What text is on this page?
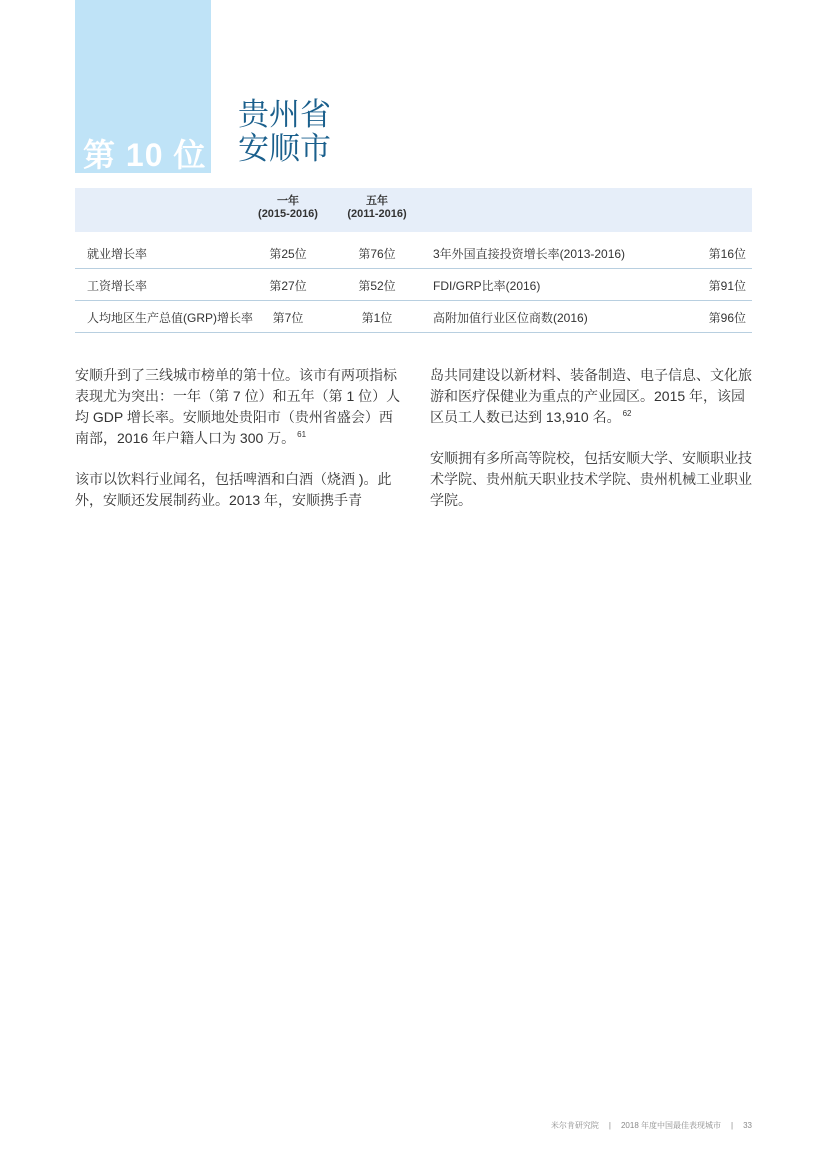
第 10 位
贵州省
安顺市
一年
(2015-2016)
五年
(2011-2016)
就业增长率	第25位	第76位	3年外国直接投资增长率(2013-2016)	第16位
工资增长率	第27位	第52位	FDI/GRP比率(2016)	第91位
人均地区生产总值(GRP)增长率	第7位	第1位	高附加值行业区位商数(2016)	第96位

安顺升到了三线城市榜单的第十位。该市有两项指标表现尤为突出：一年（第 7 位）和五年（第 1 位）人均 GDP 增长率。安顺地处贵阳市（贵州省盛会）西南部，2016 年户籍人口为 300 万。 $^{61}$

该市以饮料行业闻名，包括啤酒和白酒（烧酒 )。此外，安顺还发展制药业。2013 年，安顺携手青

岛共同建设以新材料、装备制造、电子信息、文化旅游和医疗保健业为重点的产业园区。2015 年，该园区员工人数已达到 13,910 名。 $^{62}$

安顺拥有多所高等院校，包括安顺大学、安顺职业技术学院、贵州航天职业技术学院、贵州机械工业职业学院。

米尔肯研究院 | 2018 年度中国最佳表现城市 | 33
